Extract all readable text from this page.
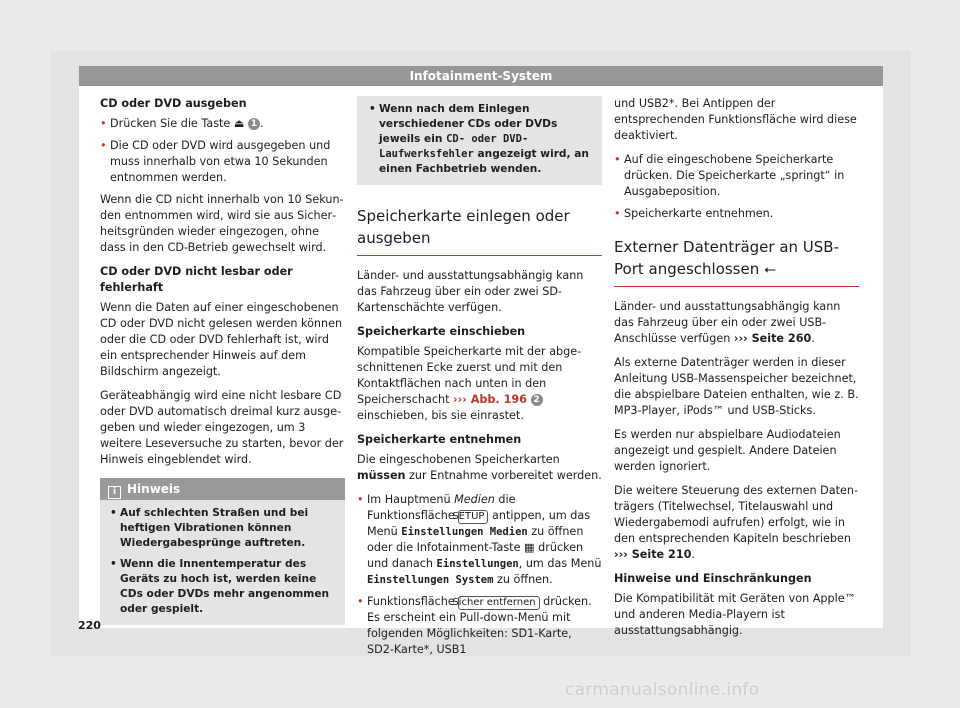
Infotainment-System

CD oder DVD ausgeben

• Drücken Sie die Taste ⏏ 1 .

• Die CD oder DVD wird ausgegeben und muss innerhalb von etwa 10 Sekunden entnommen werden.

Wenn die CD nicht innerhalb von 10 Sekunden entnommen wird, wird sie aus Sicherheitsgründen wieder eingezogen, ohne dass in den CD-Betrieb gewechselt wird.

CD oder DVD nicht lesbar oder fehlerhaft

Wenn die Daten auf einer eingeschobenen CD oder DVD nicht gelesen werden können oder die CD oder DVD fehlerhaft ist, wird ein entsprechender Hinweis auf dem Bildschirm angezeigt.

Geräteabhängig wird eine nicht lesbare CD oder DVD automatisch dreimal kurz ausgegeben und wieder eingezogen, um 3 weitere Leseversuche zu starten, bevor der Hinweis eingeblendet wird.

i Hinweis

• Auf schlechten Straßen und bei heftigen Vibrationen können Wiedergabesprünge auftreten.

• Wenn die Innentemperatur des Geräts zu hoch ist, werden keine CDs oder DVDs mehr angenommen oder gespielt.

• Wenn nach dem Einlegen verschiedener CDs oder DVDs jeweils ein CD- oder DVD-Laufwerksfehler angezeigt wird, an einen Fachbetrieb wenden.

Speicherkarte einlegen oder ausgeben

Länder- und ausstattungsabhängig kann das Fahrzeug über ein oder zwei SD-Kartenschächte verfügen.

Speicherkarte einschieben

Kompatible Speicherkarte mit der abgeschnittenen Ecke zuerst und mit den Kontaktflächen nach unten in den Speicherschacht ››› Abb. 196 2 einschieben, bis sie einrastet.

Speicherkarte entnehmen

Die eingeschobenen Speicherkarten müssen zur Entnahme vorbereitet werden.

• Im Hauptmenü Medien die Funktionsfläche SETUP antippen, um das Menü Einstellungen Medien zu öffnen oder die Infotainment-Taste ▦ drücken und danach Einstellungen, um das Menü Einstellungen System zu öffnen.

• Funktionsfläche Sicher entfernen drücken. Es erscheint ein Pull-down-Menü mit folgenden Möglichkeiten: SD1-Karte, SD2-Karte*, USB1

und USB2*. Bei Antippen der entsprechenden Funktionsfläche wird diese deaktiviert.

• Auf die eingeschobene Speicherkarte drücken. Die Speicherkarte „springt“ in Ausgabeposition.

• Speicherkarte entnehmen.

Externer Datenträger an USB-Port angeschlossen ⭠

Länder- und ausstattungsabhängig kann das Fahrzeug über ein oder zwei USB-Anschlüsse verfügen ››› Seite 260.

Als externe Datenträger werden in dieser Anleitung USB-Massenspeicher bezeichnet, die abspielbare Dateien enthalten, wie z. B. MP3-Player, iPods™ und USB-Sticks.

Es werden nur abspielbare Audiodateien angezeigt und gespielt. Andere Dateien werden ignoriert.

Die weitere Steuerung des externen Datenträgers (Titelwechsel, Titelauswahl und Wiedergabemodi aufrufen) erfolgt, wie in den entsprechenden Kapiteln beschrieben ››› Seite 210.

Hinweise und Einschränkungen

Die Kompatibilität mit Geräten von Apple™ und anderen Media-Playern ist ausstattungsabhängig.

220
carmanualsonline.info
